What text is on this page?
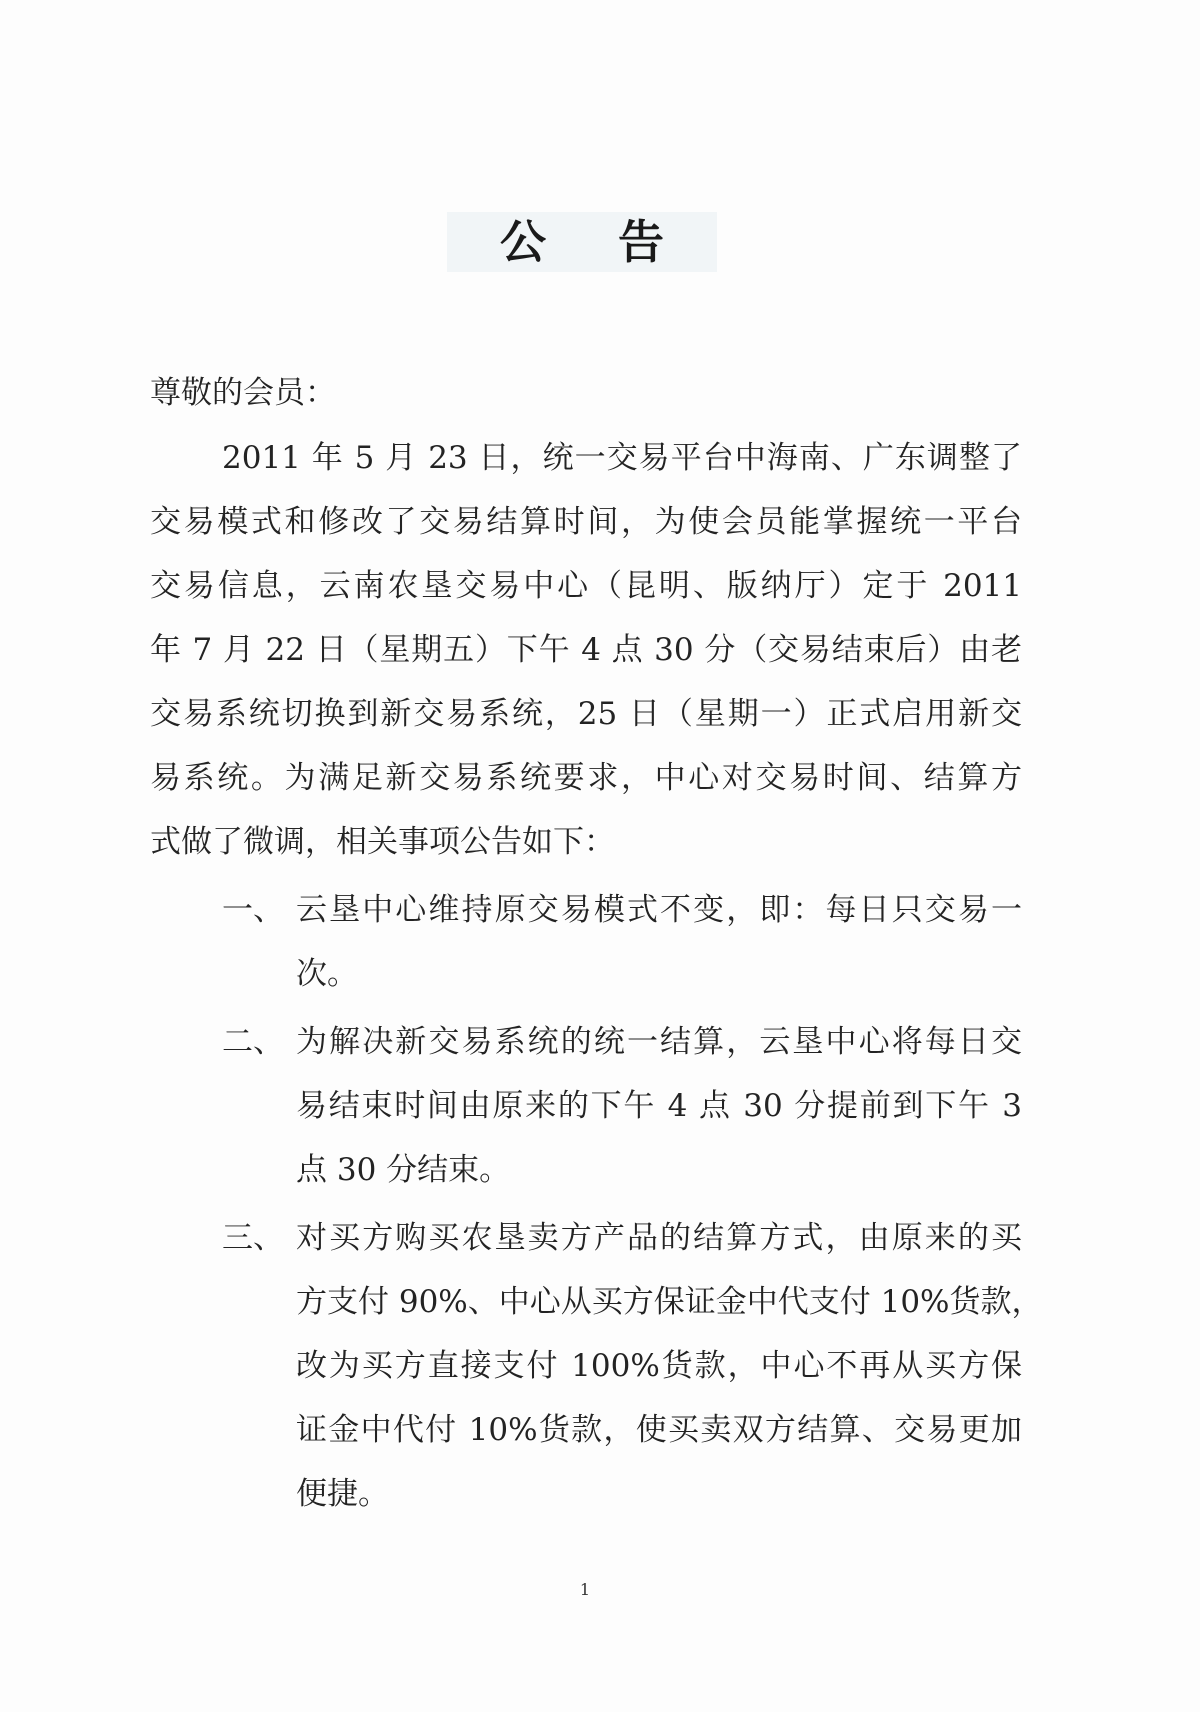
公 告
尊敬的会员：
2011 年 5 月 23 日，统一交易平台中海南、广东调整了
交易模式和修改了交易结算时间，为使会员能掌握统一平台
交易信息，云南农垦交易中心（昆明、版纳厅）定于 2011
年 7 月 22 日（星期五）下午 4 点 30 分（交易结束后）由老
交易系统切换到新交易系统，25 日（星期一）正式启用新交
易系统。为满足新交易系统要求，中心对交易时间、结算方
式做了微调，相关事项公告如下：
一、 云垦中心维持原交易模式不变，即：每日只交易一
次。
二、 为解决新交易系统的统一结算，云垦中心将每日交
易结束时间由原来的下午 4 点 30 分提前到下午 3
点 30 分结束。
三、 对买方购买农垦卖方产品的结算方式，由原来的买
方支付 90%、中心从买方保证金中代支付 10%货款，
改为买方直接支付 100%货款，中心不再从买方保
证金中代付 10%货款，使买卖双方结算、交易更加
便捷。
1
